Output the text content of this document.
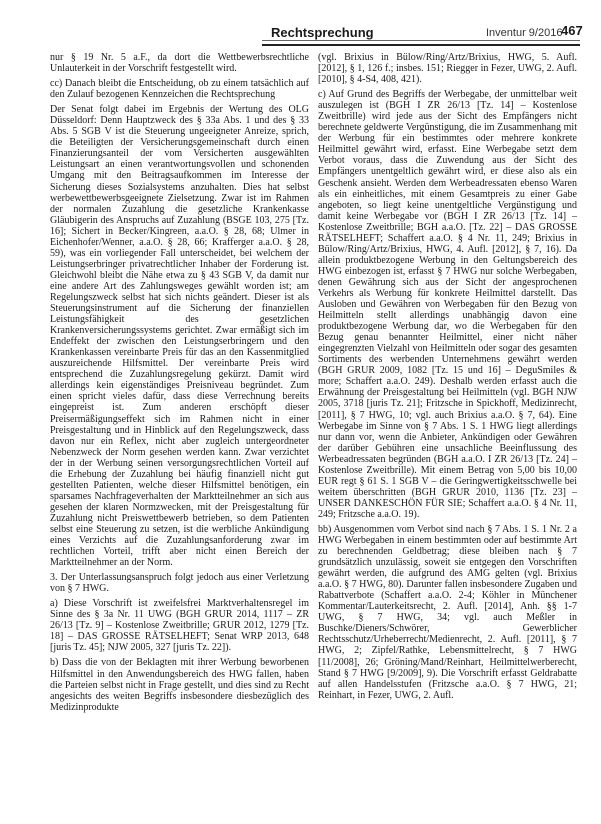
Rechtsprechung	Inventur 9/2016
467

nur § 19 Nr. 5 a.F., da dort die Wettbewerbsrechtliche Unlauterkeit in der Vorschrift festgestellt wird.

cc) Danach bleibt die Entscheidung, ob zu einem tatsächlich auf den Zulauf bezogenen Kennzeichen die Rechtsprechung

Der Senat folgt dabei im Ergebnis der Wertung des OLG Düsseldorf: Denn Hauptzweck des § 33a Abs. 1 und des § 33 Abs. 5 SGB V ist die Steuerung ungeeigneter Anreize, sprich, die Beteiligten der Versicherungsgemeinschaft durch einen Finanzierungsanteil der vom Versicherten ausgewählten Leistungsart an einen verantwortungsvollen und schonenden Umgang mit den Beitragsaufkommen im Interesse der Sicherung dieses Sozialsystems anzuhalten. Dies hat selbst werbewettbewerbsgeeignete Zielsetzung. Zwar ist im Rahmen der normalen Zuzahlung die gesetzliche Krankenkasse Gläubigerin des Anspruchs auf Zuzahlung (BSGE 103, 275 [Tz. 16]; Sichert in Becker/Kingreen, a.a.O. § 28, 68; Ulmer in Eichenhofer/Wenner, a.a.O. § 28, 66; Krafferger a.a.O. § 28, 59), was ein vorliegender Fall unterscheidet, bei welchem der Leistungserbringer privatrechtlicher Inhaber der Forderung ist. Gleichwohl bleibt die Nähe etwa zu § 43 SGB V, da damit nur eine andere Art des Zahlungsweges gewählt worden ist; am Regelungszweck selbst hat sich nichts geändert. Dieser ist als Steuerungsinstrument auf die Sicherung der finanziellen Leistungsfähigkeit des gesetzlichen Krankenversicherungssystems gerichtet. Zwar ermäßigt sich im Endeffekt der zwischen den Leistungserbringern und den Krankenkassen vereinbarte Preis für das an den Kassenmitglied auszureichende Hilfsmittel. Der vereinbarte Preis wird entsprechend die Zuzahlungsregelung gekürzt. Damit wird allerdings kein eigenständiges Preisniveau begründet. Zum einen spricht vieles dafür, dass diese Verrechnung bereits eingepreist ist. Zum anderen erschöpft dieser Preisermäßigungseffekt sich im Rahmen nicht in einer Preisgestaltung und in Hinblick auf den Regelungszweck, dass davon nur ein Reflex, nicht aber zugleich untergeordneter Nebenzweck der Norm gesehen werden kann. Zwar verzichtet der in der Werbung seinen versorgungsrechtlichen Vorteil auf die Erhebung der Zuzahlung bei häufig finanziell nicht gut gestellten Patienten, welche dieser Hilfsmittel benötigen, ein sparsames Nachfrageverhalten der Marktteilnehmer an sich aus gesehen der klaren Normzwecken, mit der Preisgestaltung für Zuzahlung nicht Preiswettbewerb betrieben, so dem Patienten selbst eine Steuerung zu setzen, ist die werbliche Ankündigung eines Verzichts auf die Zuzahlungsanforderung zwar im rechtlichen Vorteil, trifft aber nicht einen Bereich der Marktteilnehmer an der Norm.

3. Der Unterlassungsanspruch folgt jedoch aus einer Verletzung von § 7 HWG.

a) Diese Vorschrift ist zweifelsfrei Marktverhaltensregel im Sinne des § 3a Nr. 11 UWG (BGH GRUR 2014, 1117 – ZR 26/13 [Tz. 9] – Kostenlose Zweitbrille; GRUR 2012, 1279 [Tz. 18] – DAS GROSSE RÄTSELHEFT; Senat WRP 2013, 648 [juris Tz. 45]; NJW 2005, 327 [juris Tz. 22]).

b) Dass die von der Beklagten mit ihrer Werbung beworbenen Hilfsmittel in den Anwendungsbereich des HWG fallen, haben die Parteien selbst nicht in Frage gestellt, und dies sind zu Recht angesichts des weiten Begriffs insbesondere diesbezüglich des Medizinprodukte

(vgl. Brixius in Bülow/Ring/Artz/Brixius, HWG, 5. Aufl. [2012], § 1, 126 f.; insbes. 151; Riegger in Fezer, UWG, 2. Aufl. [2010], § 4-S4, 408, 421).

c) Auf Grund des Begriffs der Werbegabe, der unmittelbar weit auszulegen ist (BGH I ZR 26/13 [Tz. 14] – Kostenlose Zweitbrille) wird jede aus der Sicht des Empfängers nicht berechnete geldwerte Vergünstigung, die im Zusammenhang mit der Werbung für ein bestimmtes oder mehrere konkrete Heilmittel gewährt wird, erfasst. Eine Werbegabe setzt dem Verbot voraus, dass die Zuwendung aus der Sicht des Empfängers unentgeltlich gewährt wird, er diese also als ein Geschenk ansieht. Werden dem Werbeadressaten ebenso Waren als ein einheitliches, mit einem Gesamtpreis zu einer Gabe angeboten, so liegt keine unentgeltliche Vergünstigung und damit keine Werbegabe vor (BGH I ZR 26/13 [Tz. 14] – Kostenlose Zweitbrille; BGH a.a.O. [Tz. 22] – DAS GROSSE RÄTSELHEFT; Schaffert a.a.O. § 4 Nr. 11, 249; Brixius in Bülow/Ring/Artz/Brixius, HWG, 4. Aufl. [2012], § 7, 16). Da allein produktbezogene Werbung in den Geltungsbereich des HWG einbezogen ist, erfasst § 7 HWG nur solche Werbegaben, denen Gewährung sich aus der Sicht der angesprochenen Verkehrs als Werbung für konkrete Heilmittel darstellt. Das Ausloben und Gewähren von Werbegaben für den Bezug von Heilmitteln stellt allerdings unabhängig davon eine produktbezogene Werbung dar, wo die Werbegaben für den Bezug genau benannter Heilmittel, einer nicht näher eingegrenzten Vielzahl von Heilmitteln oder sogar des gesamten Sortiments des werbenden Unternehmens gewährt werden (BGH GRUR 2009, 1082 [Tz. 15 und 16] – DeguSmiles & more; Schaffert a.a.O. 249). Deshalb werden erfasst auch die Erwähnung der Preisgestaltung bei Heilmitteln (vgl. BGH NJW 2005, 3718 [juris Tz. 21]; Fritzsche in Spickhoff, Medizinrecht, [2011], § 7 HWG, 10; vgl. auch Brixius a.a.O. § 7, 64). Eine Werbegabe im Sinne von § 7 Abs. 1 S. 1 HWG liegt allerdings nur dann vor, wenn die Anbieter, Ankündigen oder Gewähren der darüber Gebühren eine unsachliche Beeinflussung des Werbeadressaten begründen (BGH a.a.O. I ZR 26/13 [Tz. 24] – Kostenlose Zweitbrille). Mit einem Betrag von 5,00 bis 10,00 EUR regt § 61 S. 1 SGB V – die Geringwertigkeitsschwelle bei weitem überschritten (BGH GRUR 2010, 1136 [Tz. 23] – UNSER DANKESCHÖN FÜR SIE; Schaffert a.a.O. § 4 Nr. 11, 249; Fritzsche a.a.O. 19).

bb) Ausgenommen vom Verbot sind nach § 7 Abs. 1 S. 1 Nr. 2 a HWG Werbegaben in einem bestimmten oder auf bestimmte Art zu berechnenden Geldbetrag; diese bleiben nach § 7 grundsätzlich unzulässig, soweit sie entgegen den Vorschriften gewährt werden, die aufgrund des AMG gelten (vgl. Brixius a.a.O. § 7 HWG, 80). Darunter fallen insbesondere Zugaben und Rabattverbote (Schaffert a.a.O. 2-4; Köhler in Münchener Kommentar/Lauterkeitsrecht, 2. Aufl. [2014], Anh. §§ 1-7 UWG, § 7 HWG, 34; vgl. auch Meßler in Buschke/Dieners/Schwörer, Gewerblicher Rechtsschutz/Urheberrecht/Medienrecht, 2. Aufl. [2011], § 7 HWG, 2; Zipfel/Rathke, Lebensmittelrecht, § 7 HWG [11/2008], 26; Gröning/Mand/Reinhart, Heilmittelwerberecht, Stand § 7 HWG [9/2009], 9). Die Vorschrift erfasst Geldrabatte auf allen Handelsstufen (Fritzsche a.a.O. § 7 HWG, 21; Reinhart, in Fezer, UWG, 2. Aufl.
